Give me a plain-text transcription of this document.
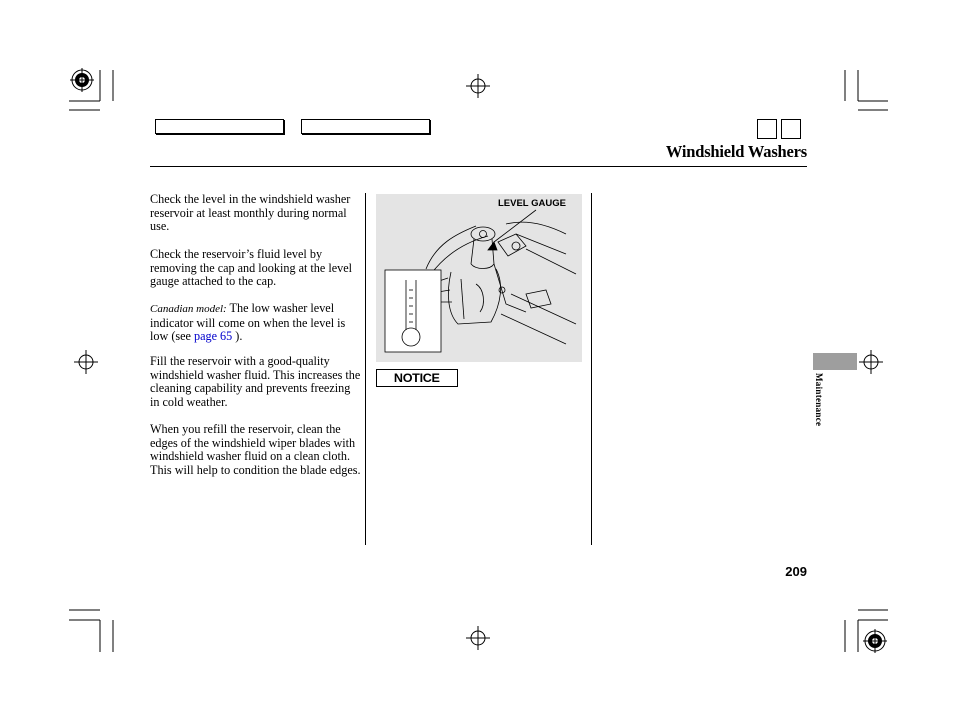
Windshield Washers

Check the level in the windshield washer reservoir at least monthly during normal use.

Check the reservoir’s fluid level by removing the cap and looking at the level gauge attached to the cap.

Canadian model: The low washer level indicator will come on when the level is low (see page 65 ).

Fill the reservoir with a good-quality windshield washer fluid. This increases the cleaning capability and prevents freezing in cold weather.

When you refill the reservoir, clean the edges of the windshield wiper blades with windshield washer fluid on a clean cloth. This will help to condition the blade edges.

LEVEL GAUGE
NOTICE	Maintenance
209
